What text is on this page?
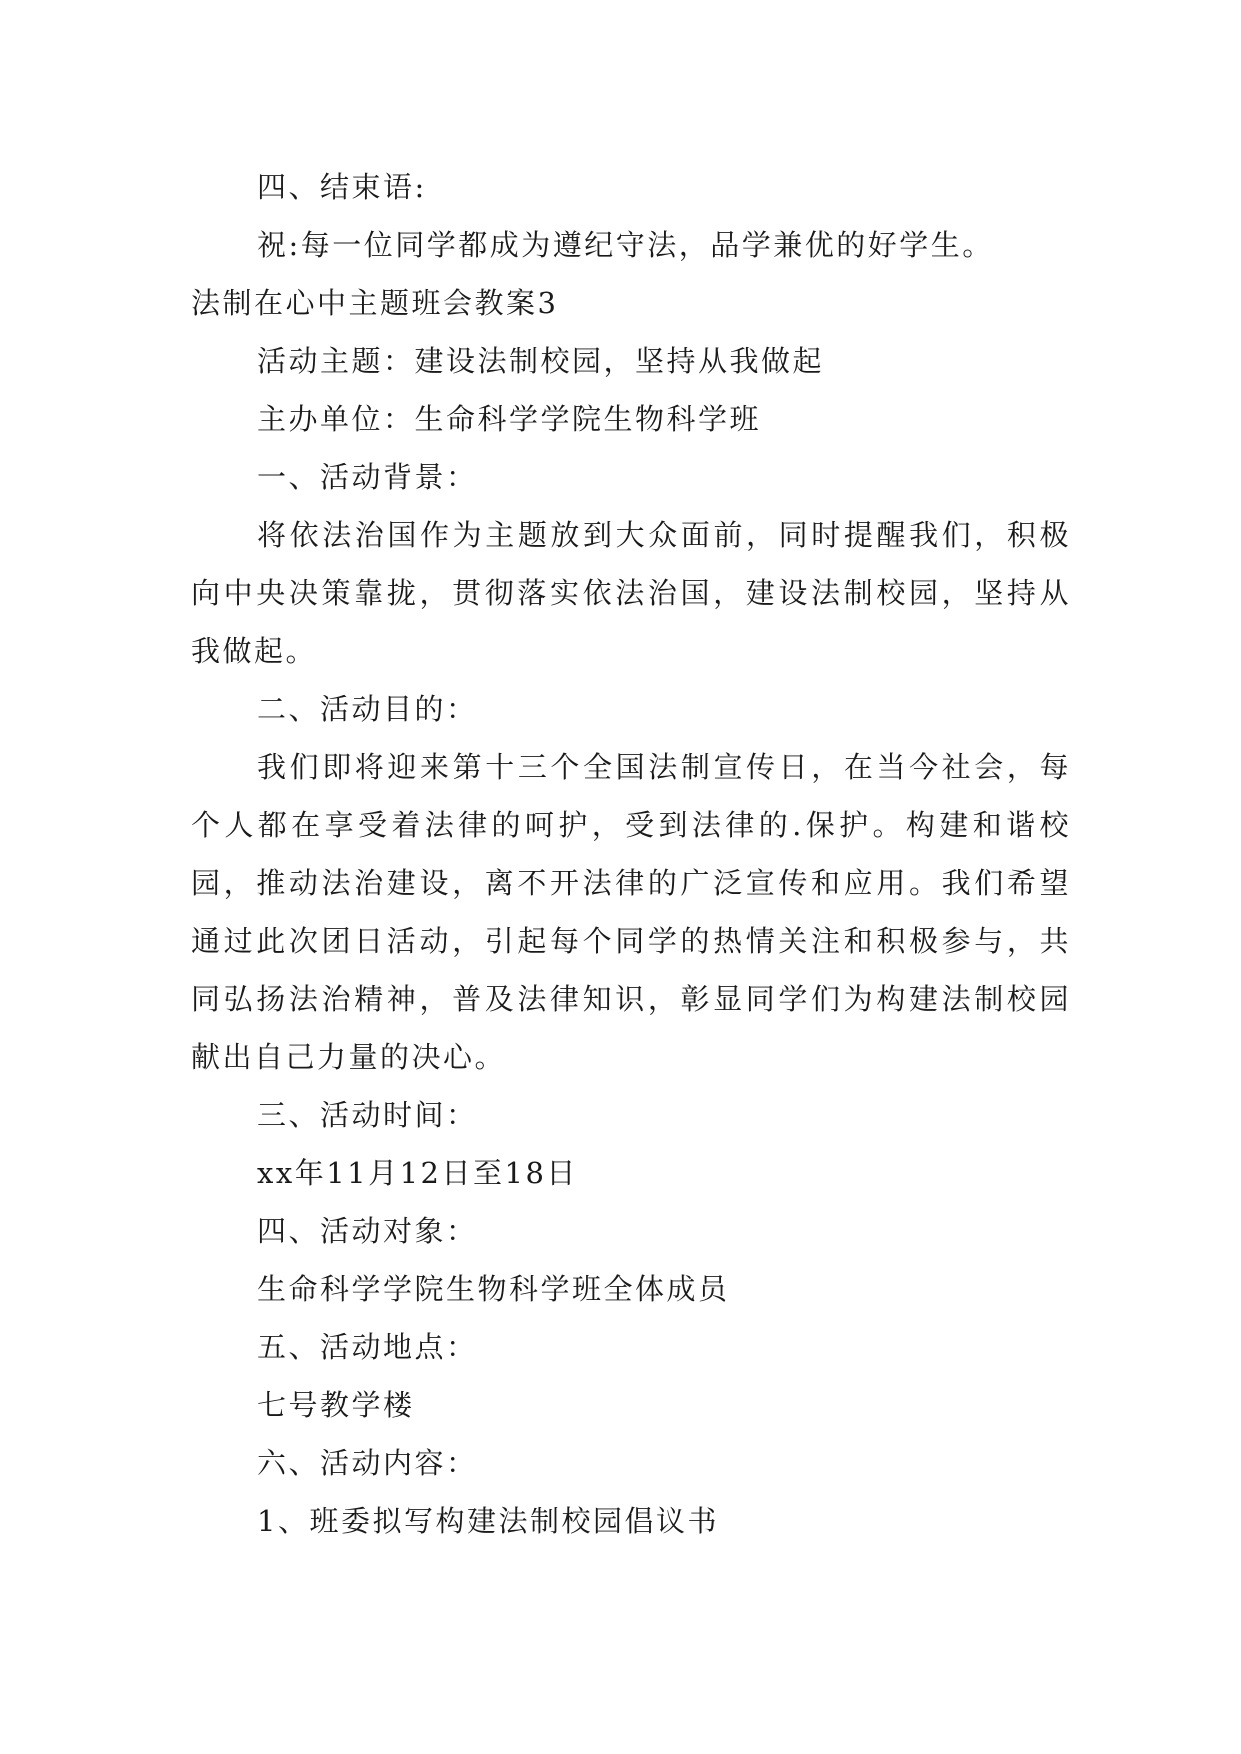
四、结束语:
祝:每一位同学都成为遵纪守法，品学兼优的好学生。
法制在心中主题班会教案3
活动主题：建设法制校园，坚持从我做起
主办单位：生命科学学院生物科学班
一、活动背景：
将依法治国作为主题放到大众面前，同时提醒我们，积极向中央决策靠拢，贯彻落实依法治国，建设法制校园，坚持从我做起。
二、活动目的：
我们即将迎来第十三个全国法制宣传日，在当今社会，每个人都在享受着法律的呵护，受到法律的.保护。构建和谐校园，推动法治建设，离不开法律的广泛宣传和应用。我们希望通过此次团日活动，引起每个同学的热情关注和积极参与，共同弘扬法治精神，普及法律知识，彰显同学们为构建法制校园献出自己力量的决心。
三、活动时间：
xx年11月12日至18日
四、活动对象：
生命科学学院生物科学班全体成员
五、活动地点：
七号教学楼
六、活动内容：
1、班委拟写构建法制校园倡议书
